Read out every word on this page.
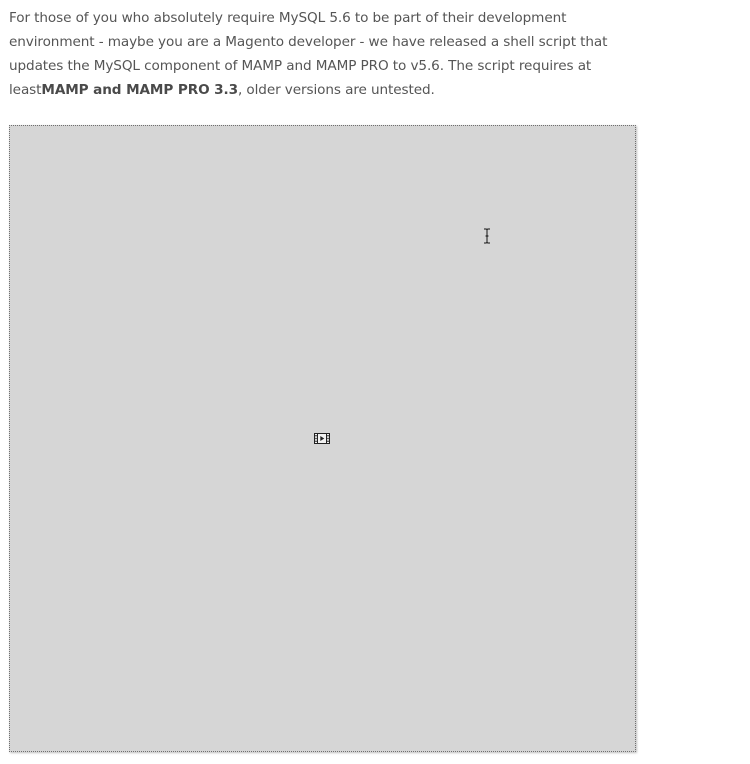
For those of you who absolutely require MySQL 5.6 to be part of their development environment - maybe you are a Magento developer - we have released a shell script that updates the MySQL component of MAMP and MAMP PRO to v5.6. The script requires at leastMAMP and MAMP PRO 3.3, older versions are untested.
